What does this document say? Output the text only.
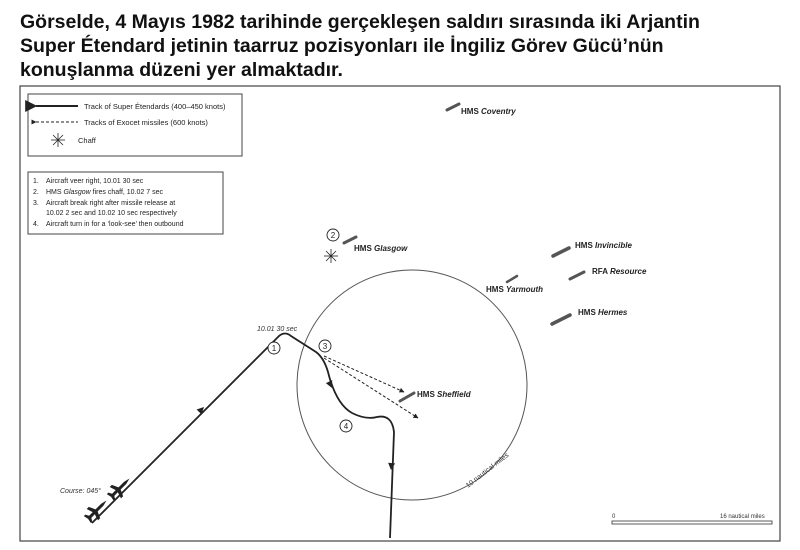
Görselde, 4 Mayıs 1982 tarihinde gerçekleşen saldırı sırasında iki Arjantin
Super Étendard jetinin taarruz pozisyonları ile İngiliz Görev Gücü’nün
konuşlanma düzeni yer almaktadır.
Track of Super Étendards (400–450 knots)
Tracks of Exocet missiles (600 knots)
Chaff
1. Aircraft veer right, 10.01 30 sec
2. HMS Glasgow fires chaff, 10.02 7 sec
3. Aircraft break right after missile release at
10.02 2 sec and 10.02 10 sec respectively
4. Aircraft turn in for a ‘look-see’ then outbound
10 nautical miles
HMS Coventry
HMS Glasgow	HMS Invincible
RFA Resource
HMS Yarmouth
HMS Hermes
HMS Sheffield
1
2
3
4
10.01 30 sec
Course: 045°
0	16 nautical miles
